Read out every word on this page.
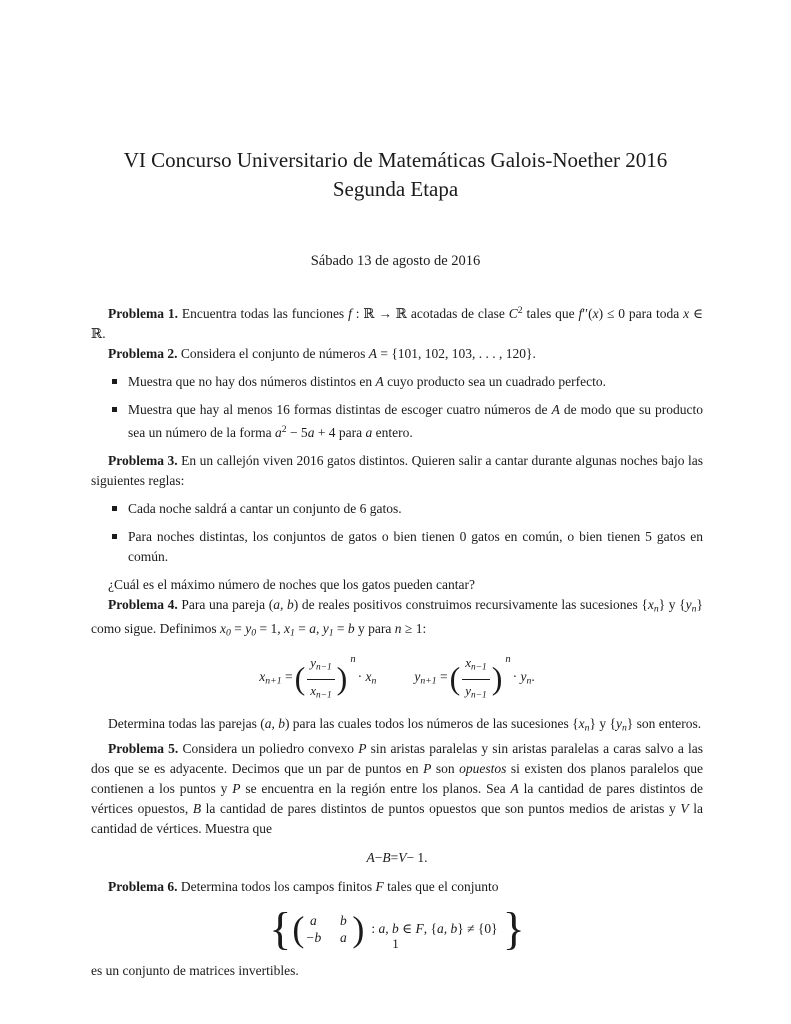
VI Concurso Universitario de Matemáticas Galois-Noether 2016
Segunda Etapa
Sábado 13 de agosto de 2016

Problema 1. Encuentra todas las funciones f : ℝ → ℝ acotadas de clase $C^2$ tales que f′′(x) ≤ 0 para toda x ∈ ℝ.

Problema 2. Considera el conjunto de números A = {101, 102, 103, . . . , 120}.

Muestra que no hay dos números distintos en A cuyo producto sea un cuadrado perfecto.
Muestra que hay al menos 16 formas distintas de escoger cuatro números de A de modo que su producto sea un número de la forma $a^2 - 5a + 4$ para a entero.

Problema 3. En un callejón viven 2016 gatos distintos. Quieren salir a cantar durante algunas noches bajo las siguientes reglas:

Cada noche saldrá a cantar un conjunto de 6 gatos.
Para noches distintas, los conjuntos de gatos o bien tienen 0 gatos en común, o bien tienen 5 gatos en común.

¿Cuál es el máximo número de noches que los gatos pueden cantar?

Problema 4. Para una pareja (a, b) de reales positivos construimos recursivamente las sucesiones $\{x_n\}$ y $\{y_n\}$ como sigue. Definimos $x_0 = y_0 = 1$, $x_1 = a$, $y_1 = b$ y para n ≥ 1:

$x_{n+1}$ = ( $\frac{y_{n-1}}{x_{n-1}}$ )
n
· $x_n$	$y_{n+1}$ = ( $\frac{x_{n-1}}{y_{n-1}}$ )
n
· $y_n$.

Determina todas las parejas (a, b) para las cuales todos los números de las sucesiones $\{x_n\}$ y $\{y_n\}$ son enteros.

Problema 5. Considera un poliedro convexo P sin aristas paralelas y sin aristas paralelas a caras salvo a las dos que se es adyacente. Decimos que un par de puntos en P son opuestos si existen dos planos paralelos que contienen a los puntos y P se encuentra en la región entre los planos. Sea A la cantidad de pares distintos de vértices opuestos, B la cantidad de pares distintos de puntos opuestos que son puntos medios de aristas y V la cantidad de vértices. Muestra que

A − B = V − 1.

Problema 6. Determina todos los campos finitos F tales que el conjunto

{ ( a	b
−b	a ) : a, b ∈ F, {a, b} ≠ {0} }

es un conjunto de matrices invertibles.

1
